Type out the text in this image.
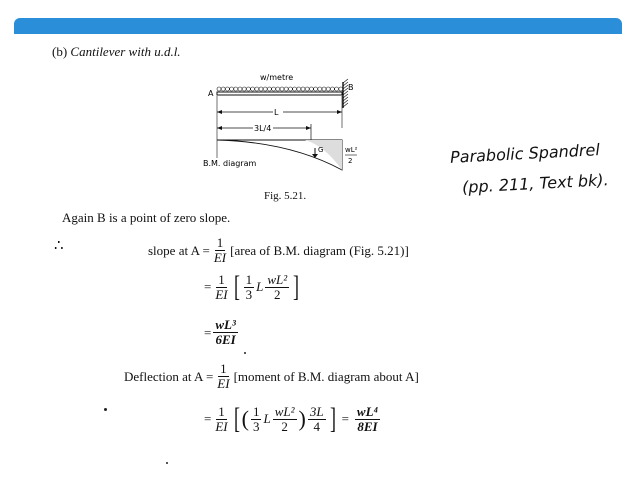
(b) Cantilever with u.d.l.
w/metre
A
B
L
3L/4
G	wL²
2
B.M. diagram
Fig. 5.21.
Parabolic Spandrel
(pp. 211, Text bk).
Again B is a point of zero slope.
∴	slope at $A = \frac{1}{EI}$ [area of B.M. diagram (Fig. 5.21)]
= $\frac{1}{EI}$ [ $\frac{1}{3}$ L $\frac{\text{wL²}}{2}$ ]
= $\frac{\text{wL³}}{6EI}$
Deflection at $A = \frac{1}{EI}$ [moment of B.M. diagram about A]
= $\frac{1}{EI}$ [ ( $\frac{1}{3}$ L $\frac{\text{wL²}}{2}$ ) $\frac{3L}{4}$ ] = $\frac{\text{wL⁴}}{8EI}$
